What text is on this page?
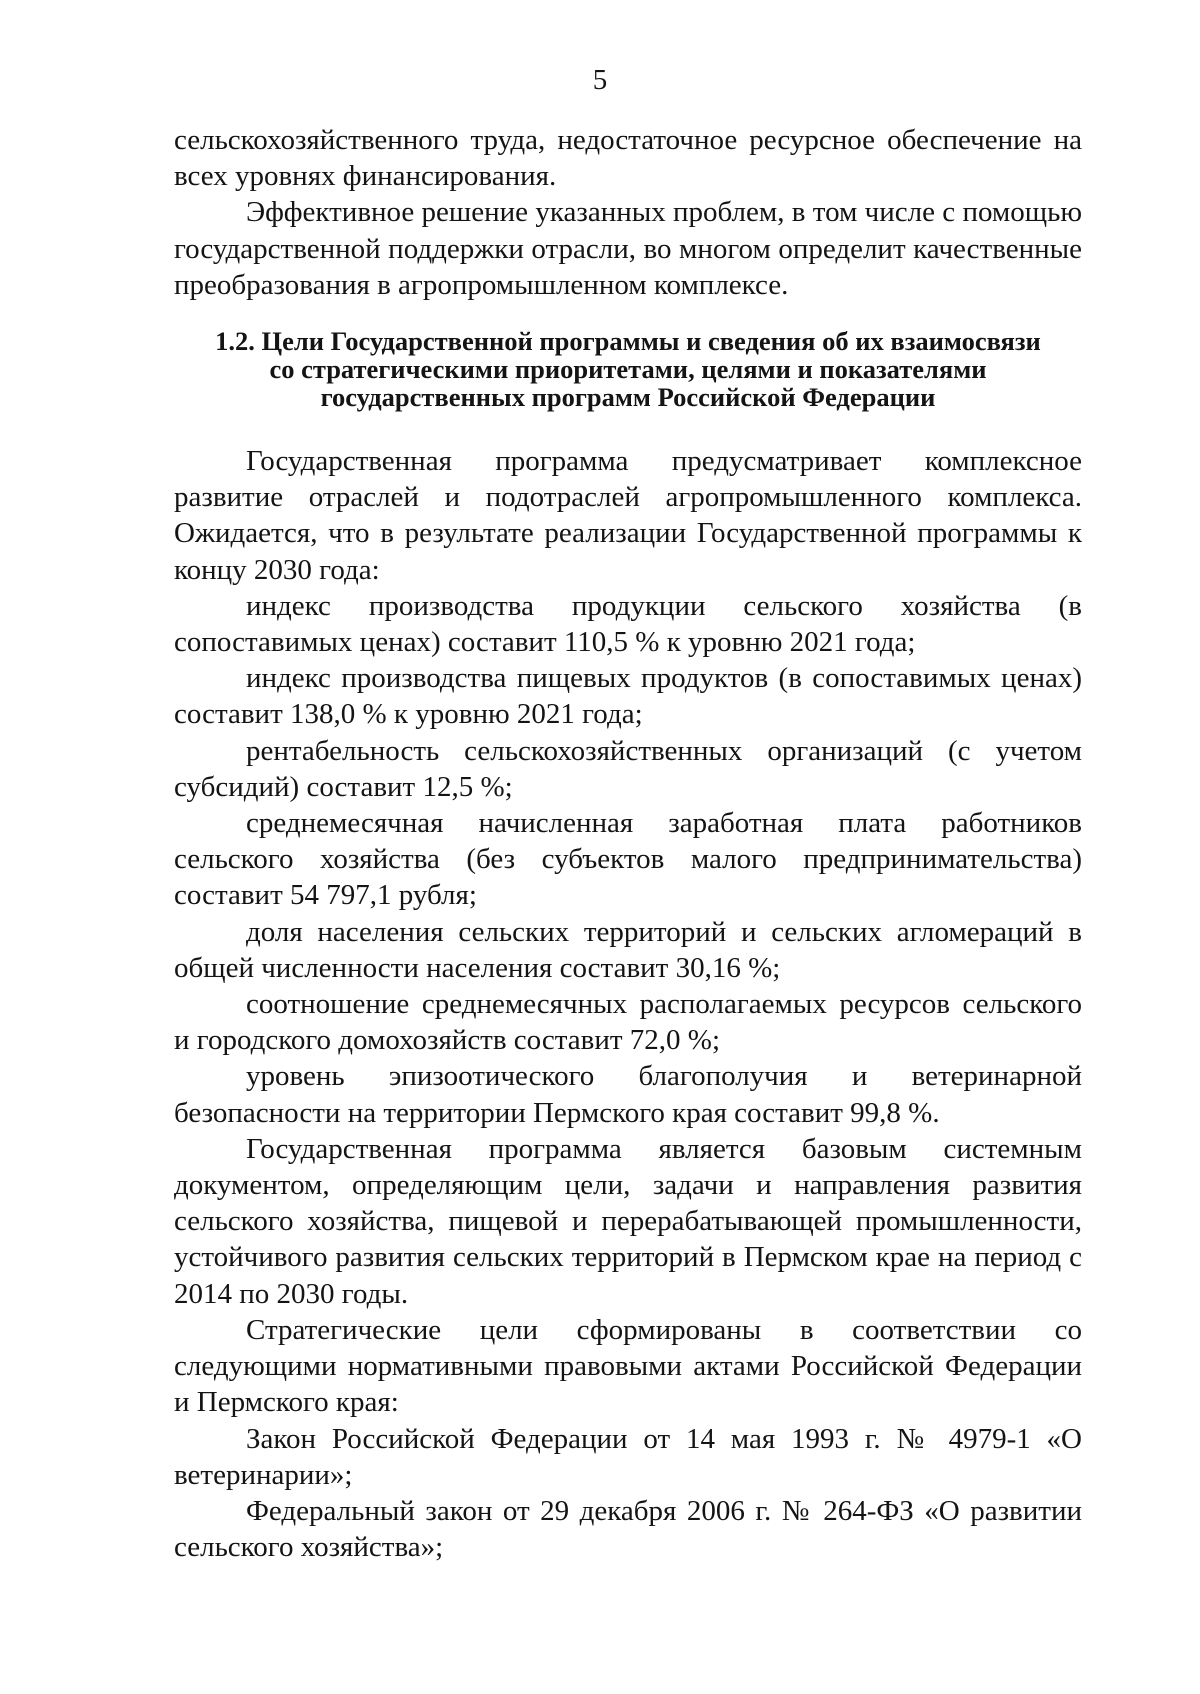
5

сельскохозяйственного труда, недостаточное ресурсное обеспечение на всех уровнях финансирования.

Эффективное решение указанных проблем, в том числе с помощью государственной поддержки отрасли, во многом определит качественные преобразования в агропромышленном комплексе.

1.2. Цели Государственной программы и сведения об их взаимосвязи
со стратегическими приоритетами, целями и показателями
государственных программ Российской Федерации

Государственная программа предусматривает комплексное развитие отраслей и подотраслей агропромышленного комплекса. Ожидается, что в результате реализации Государственной программы к концу 2030 года:

индекс производства продукции сельского хозяйства (в сопоставимых ценах) составит 110,5 % к уровню 2021 года;

индекс производства пищевых продуктов (в сопоставимых ценах) составит 138,0 % к уровню 2021 года;

рентабельность сельскохозяйственных организаций (с учетом субсидий) составит 12,5 %;

среднемесячная начисленная заработная плата работников сельского хозяйства (без субъектов малого предпринимательства) составит 54 797,1 рубля;

доля населения сельских территорий и сельских агломераций в общей численности населения составит 30,16 %;

соотношение среднемесячных располагаемых ресурсов сельского и городского домохозяйств составит 72,0 %;

уровень эпизоотического благополучия и ветеринарной безопасности на территории Пермского края составит 99,8 %.

Государственная программа является базовым системным документом, определяющим цели, задачи и направления развития сельского хозяйства, пищевой и перерабатывающей промышленности, устойчивого развития сельских территорий в Пермском крае на период с 2014 по 2030 годы.

Стратегические цели сформированы в соответствии со следующими нормативными правовыми актами Российской Федерации и Пермского края:

Закон Российской Федерации от 14 мая 1993 г. № 4979-1 «О ветеринарии»;

Федеральный закон от 29 декабря 2006 г. № 264-ФЗ «О развитии сельского хозяйства»;
